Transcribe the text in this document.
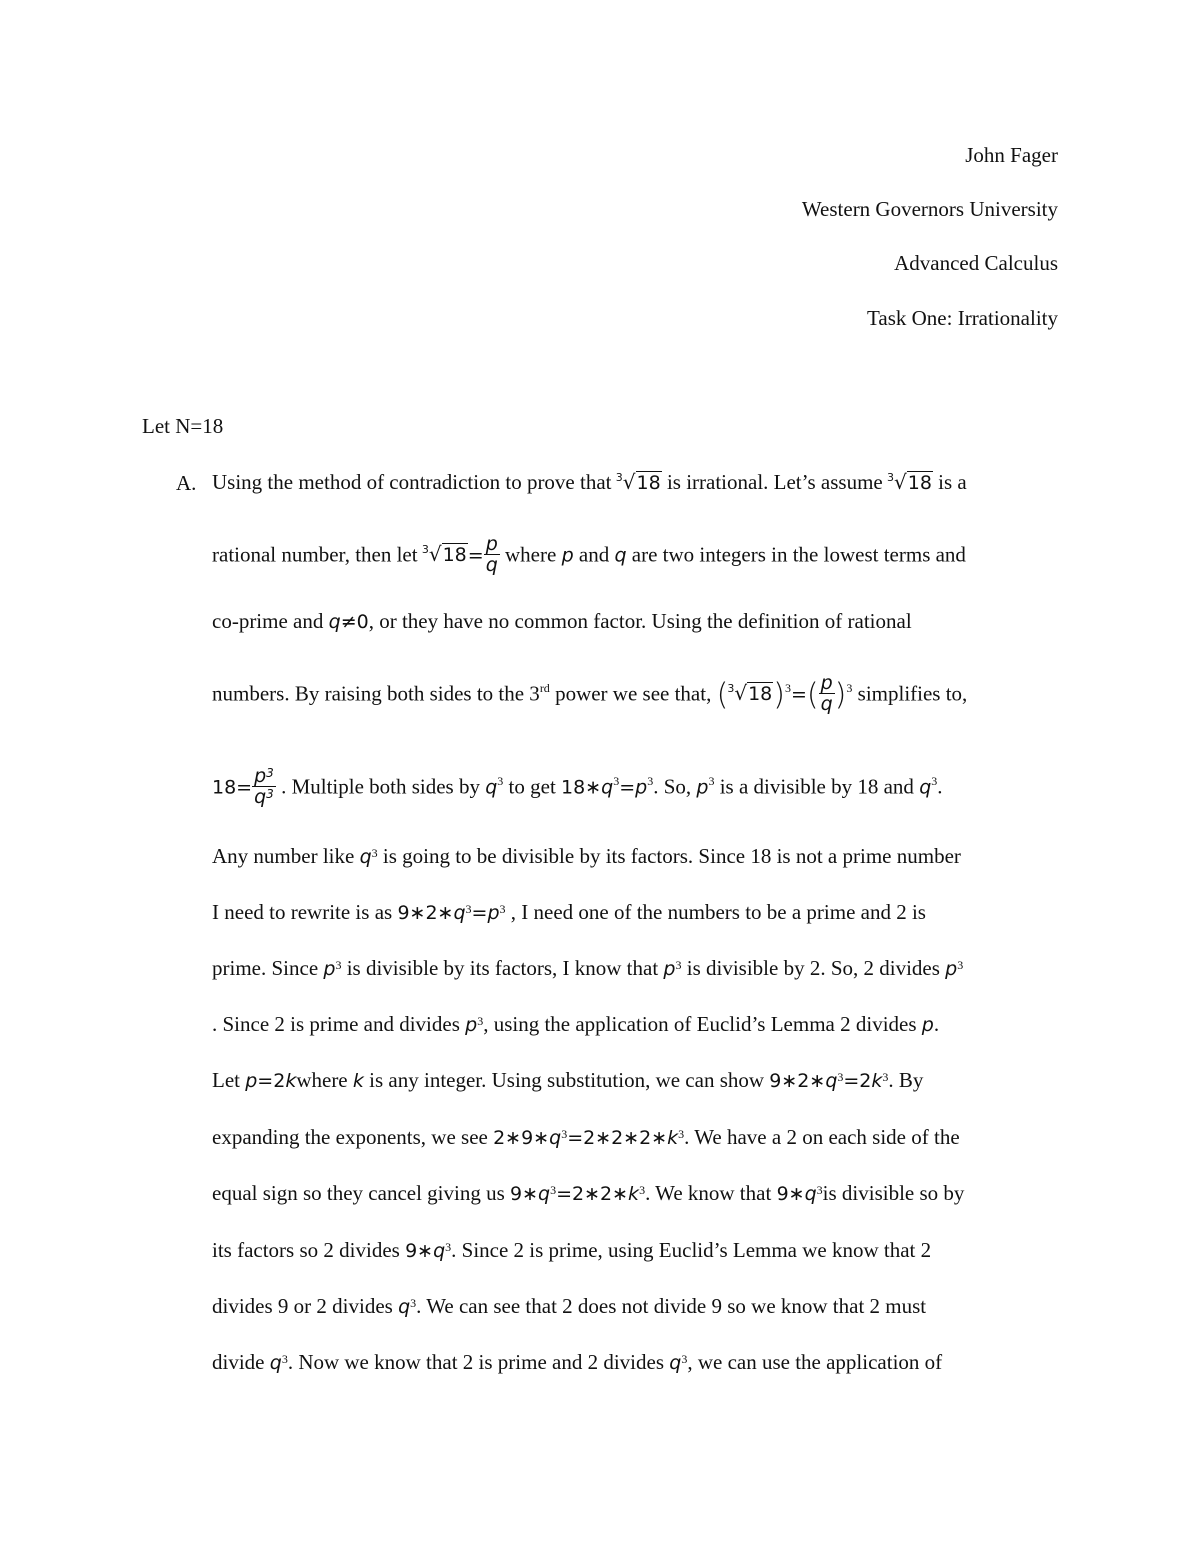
John Fager
Western Governors University
Advanced Calculus
Task One: Irrationality
Let N=18
A. Using the method of contradiction to prove that 3 √18 is irrational. Let’s assume 3 √18 is a
rational number, then let 3 $√18= \frac{p}{q}$ where p and q are two integers in the lowest terms and
co-prime and q≠0, or they have no common factor. Using the definition of rational
numbers. By raising both sides to the 3rd power we see that, ( 3 $√18)^3=( \frac{p}{q} )^3$ simplifies to,
$18= \frac{p^3}{q^3}$ . Multiple both sides by $q^3$ to get $18∗q^3=p^3$. So, $p^3$ is a divisible by 18 and $q^3$.
Any number like $q^3$ is going to be divisible by its factors. Since 18 is not a prime number
I need to rewrite is as $9∗2∗q^3=p^3$ , I need one of the numbers to be a prime and 2 is
prime. Since $p^3$ is divisible by its factors, I know that $p^3$ is divisible by 2. So, 2 divides $p^3$
. Since 2 is prime and divides $p^3$, using the application of Euclid’s Lemma 2 divides p.
Let p=2kwhere k is any integer. Using substitution, we can show $9∗2∗q^3=2k^3$. By
expanding the exponents, we see $2∗9∗q^3=2∗2∗2∗k^3$. We have a 2 on each side of the
equal sign so they cancel giving us $9∗q^3=2∗2∗k^3$. We know that $9∗q^3is$ divisible so by
its factors so 2 divides $9∗q^3$. Since 2 is prime, using Euclid’s Lemma we know that 2
divides 9 or 2 divides $q^3$. We can see that 2 does not divide 9 so we know that 2 must
divide $q^3$. Now we know that 2 is prime and 2 divides $q^3$, we can use the application of
